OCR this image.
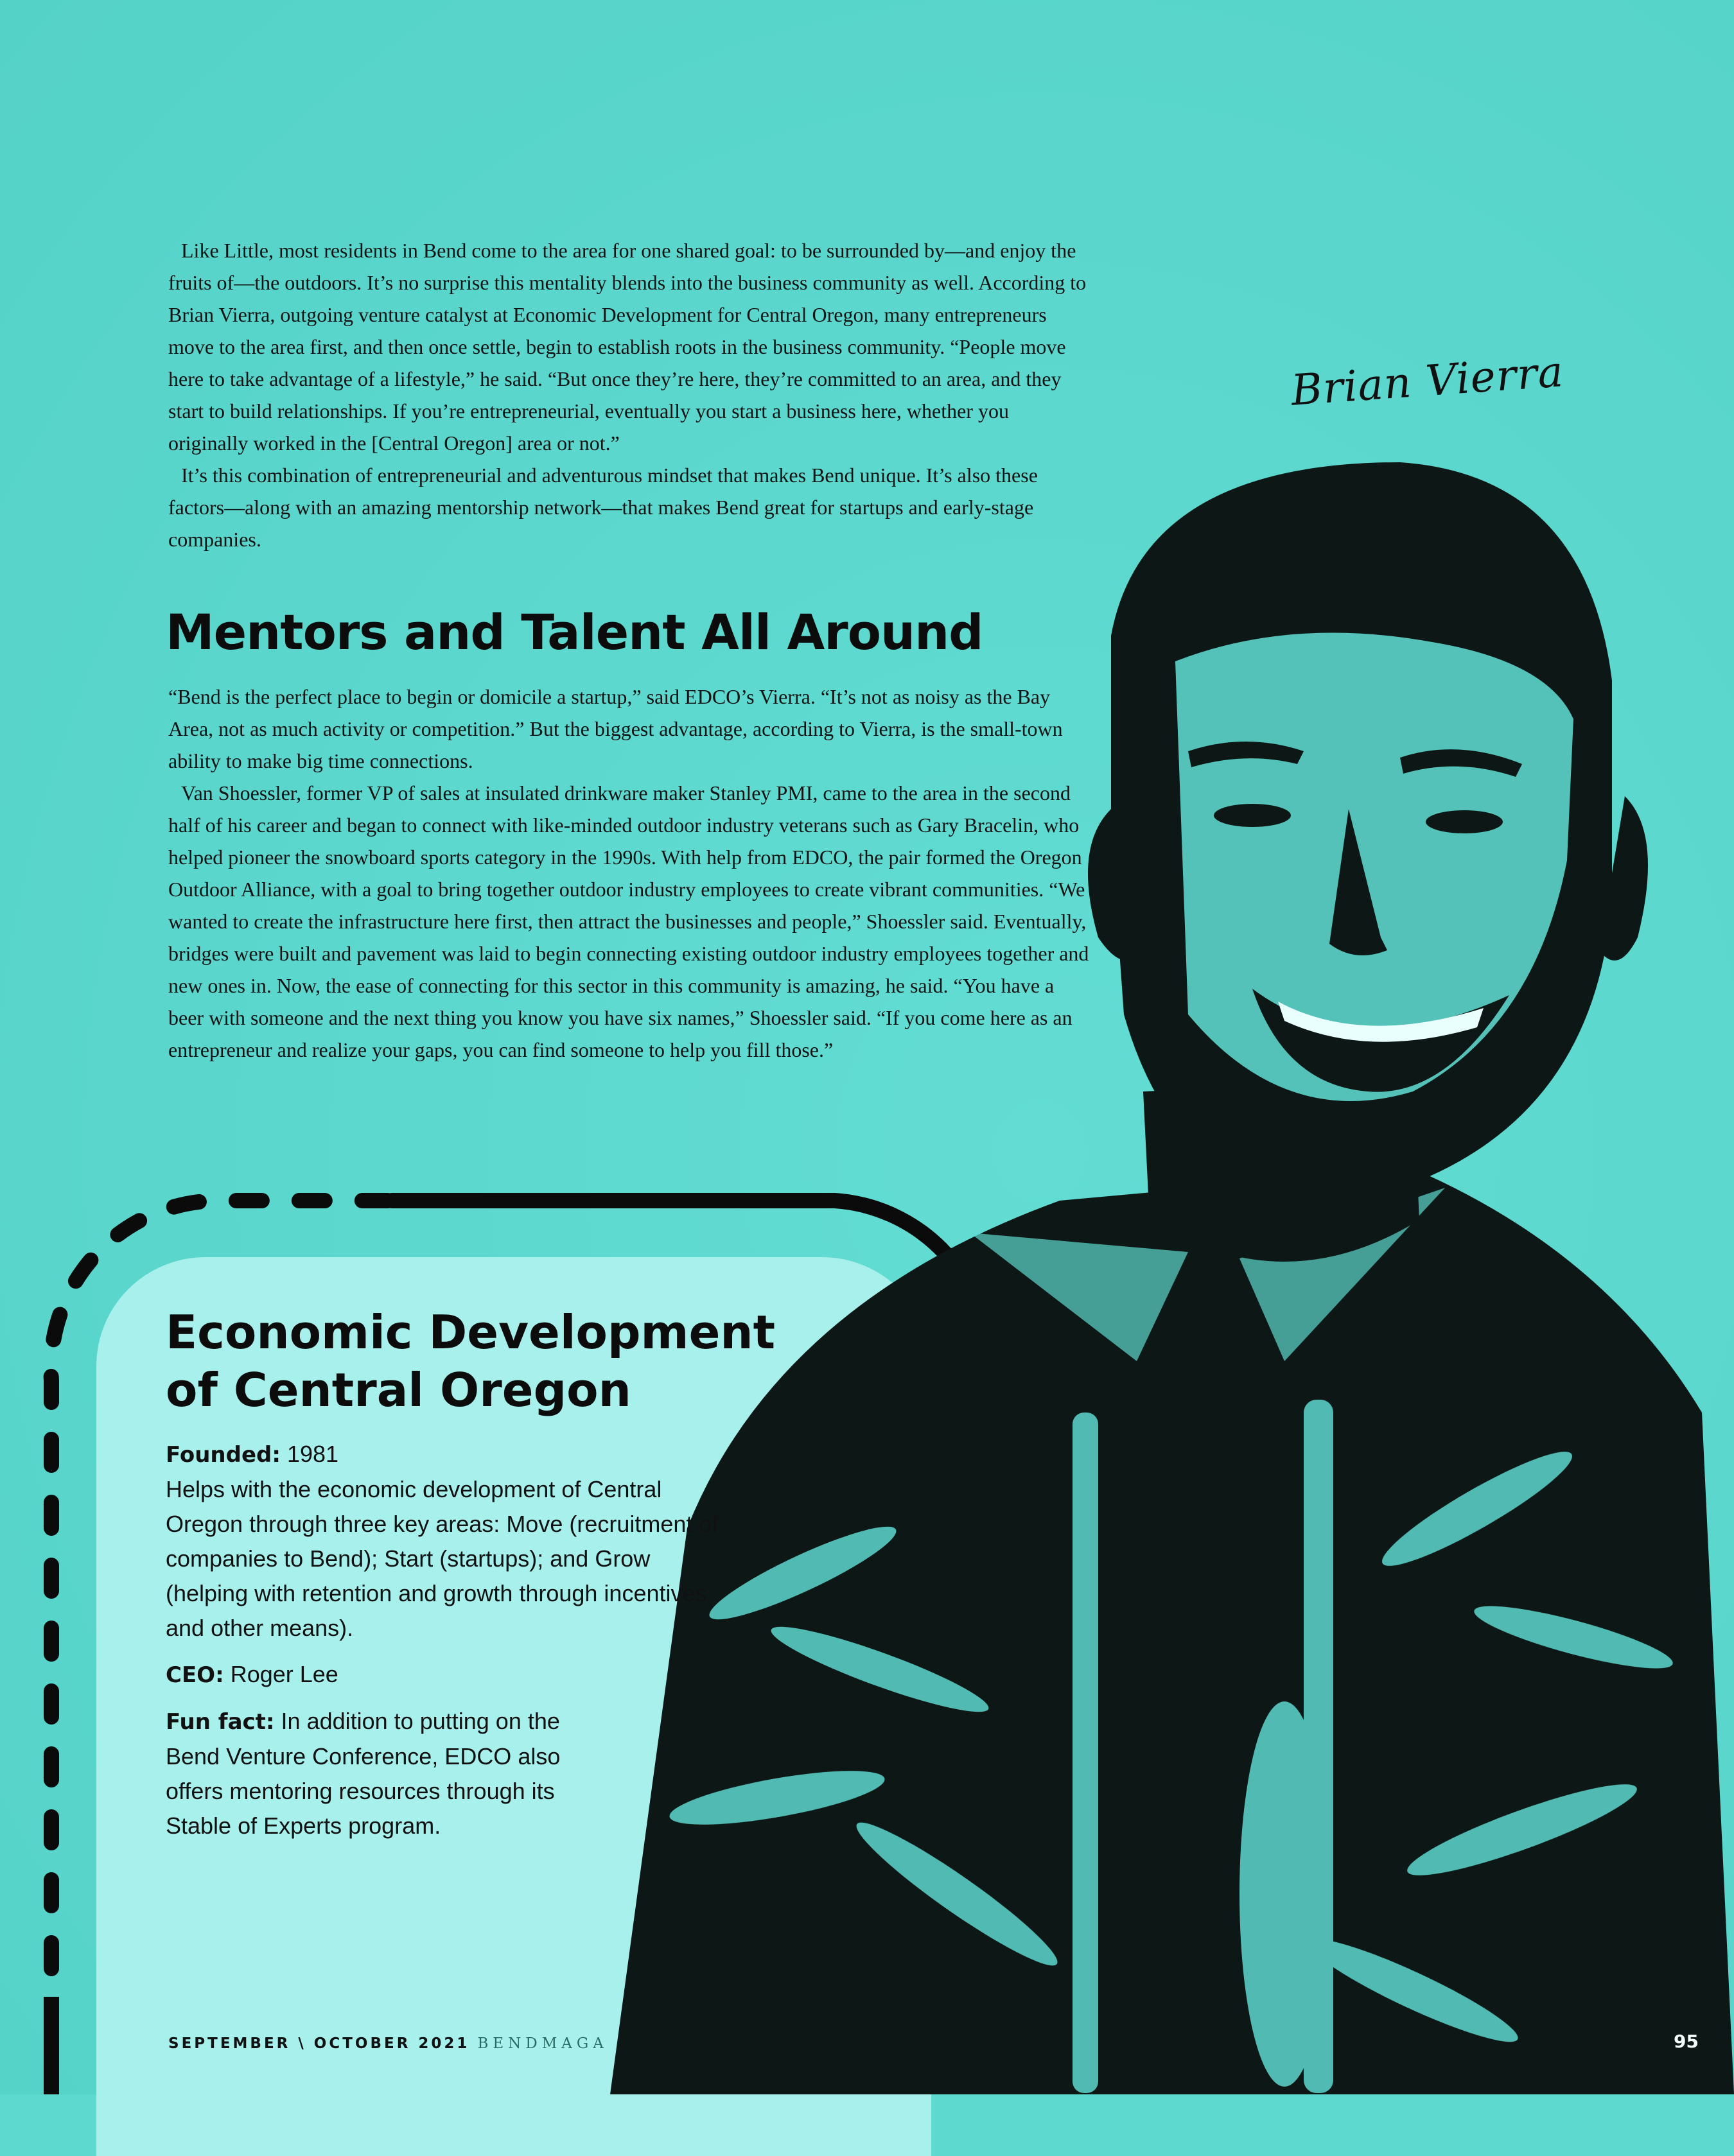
Like Little, most residents in Bend come to the area for one shared goal: to be surrounded by—and enjoy the fruits of—the outdoors. It’s no surprise this mentality blends into the business community as well. According to Brian Vierra, outgoing venture catalyst at Economic Development for Central Oregon, many entrepreneurs move to the area first, and then once settle, begin to establish roots in the business community. “People move here to take advantage of a lifestyle,” he said. “But once they’re here, they’re committed to an area, and they start to build relationships. If you’re entrepreneurial, eventually you start a business here, whether you originally worked in the [Central Oregon] area or not.”

It’s this combination of entrepreneurial and adventurous mindset that makes Bend unique. It’s also these factors—along with an amazing mentorship network—that makes Bend great for startups and early-stage companies.

Mentors and Talent All Around

“Bend is the perfect place to begin or domicile a startup,” said EDCO’s Vierra. “It’s not as noisy as the Bay Area, not as much activity or competition.” But the biggest advantage, according to Vierra, is the small-town ability to make big time connections.

Van Shoessler, former VP of sales at insulated drinkware maker Stanley PMI, came to the area in the second half of his career and began to connect with like-minded outdoor industry veterans such as Gary Bracelin, who helped pioneer the snowboard sports category in the 1990s. With help from EDCO, the pair formed the Oregon Outdoor Alliance, with a goal to bring together outdoor industry employees to create vibrant communities. “We wanted to create the infrastructure here first, then attract the businesses and people,” Shoessler said. Eventually, bridges were built and pavement was laid to begin connecting existing outdoor industry employees together and new ones in. Now, the ease of connecting for this sector in this community is amazing, he said. “You have a beer with someone and the next thing you know you have six names,” Shoessler said. “If you come here as an entrepreneur and realize your gaps, you can find someone to help you fill those.”

Brian Vierra
Economic Development
of Central Oregon

Founded: 1981
Helps with the economic development of Central Oregon through three key areas: Move (recruitment of companies to Bend); Start (startups); and Grow (helping with retention and growth through incentives and other means).

CEO: Roger Lee

Fun fact: In addition to putting on the Bend Venture Conference, EDCO also offers mentoring resources through its Stable of Experts program.

SEPTEMBER \ OCTOBER 2021 BENDMAGA	95
